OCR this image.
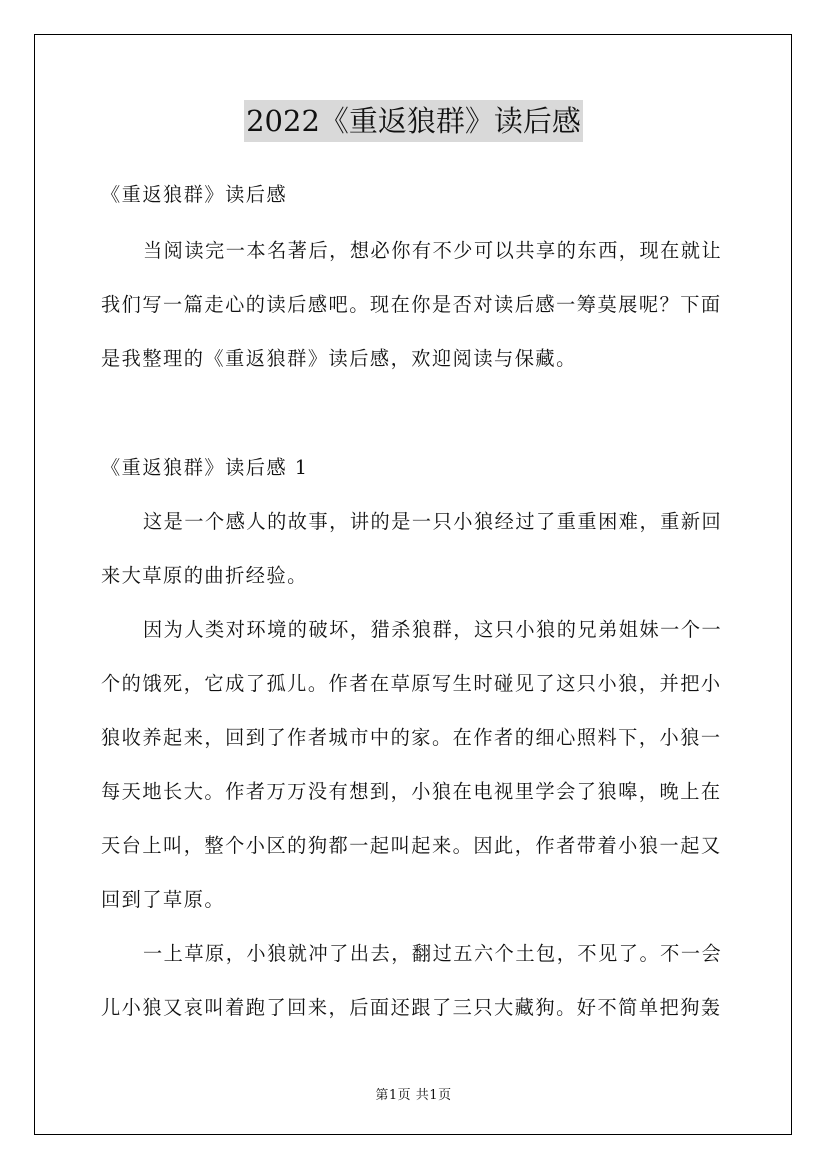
2022《重返狼群》读后感
《重返狼群》读后感
当阅读完一本名著后，想必你有不少可以共享的东西，现在就让
我们写一篇走心的读后感吧。现在你是否对读后感一筹莫展呢？下面
是我整理的《重返狼群》读后感，欢迎阅读与保藏。
《重返狼群》读后感 1
这是一个感人的故事，讲的是一只小狼经过了重重困难，重新回
来大草原的曲折经验。
因为人类对环境的破坏，猎杀狼群，这只小狼的兄弟姐妹一个一
个的饿死，它成了孤儿。作者在草原写生时碰见了这只小狼，并把小
狼收养起来，回到了作者城市中的家。在作者的细心照料下，小狼一
每天地长大。作者万万没有想到，小狼在电视里学会了狼嗥，晚上在
天台上叫，整个小区的狗都一起叫起来。因此，作者带着小狼一起又
回到了草原。
一上草原，小狼就冲了出去，翻过五六个土包，不见了。不一会
儿小狼又哀叫着跑了回来，后面还跟了三只大藏狗。好不简单把狗轰
第1页 共1页
